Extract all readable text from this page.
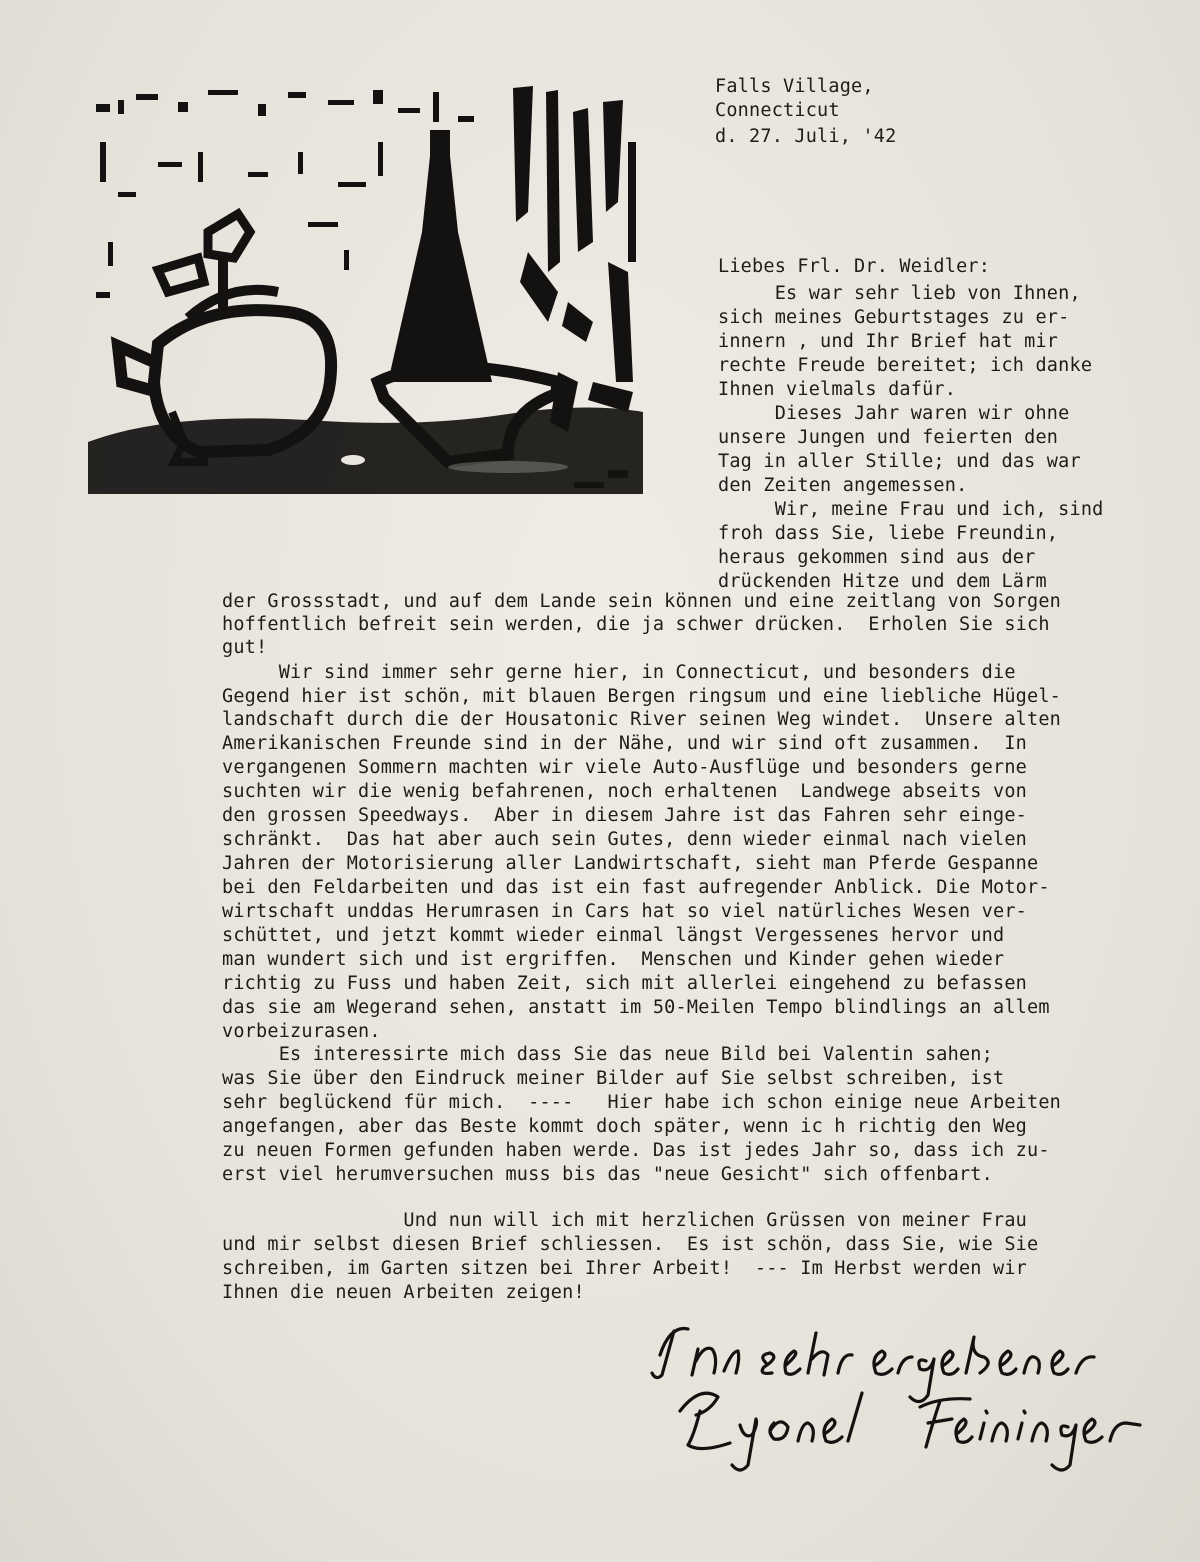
Falls Village,
Connecticut
d. 27. Juli, '42
Liebes Frl. Dr. Weidler:
Es war sehr lieb von Ihnen,
sich meines Geburtstages zu er-
innern , und Ihr Brief hat mir
rechte Freude bereitet; ich danke
Ihnen vielmals dafür.
Dieses Jahr waren wir ohne
unsere Jungen und feierten den
Tag in aller Stille; und das war
den Zeiten angemessen.
Wir, meine Frau und ich, sind
froh dass Sie, liebe Freundin,
heraus gekommen sind aus der
drückenden Hitze und dem Lärm
der Grossstadt, und auf dem Lande sein können und eine zeitlang von Sorgen
hoffentlich befreit sein werden, die ja schwer drücken.  Erholen Sie sich
gut!
Wir sind immer sehr gerne hier, in Connecticut, und besonders die
Gegend hier ist schön, mit blauen Bergen ringsum und eine liebliche Hügel-
landschaft durch die der Housatonic River seinen Weg windet.  Unsere alten
Amerikanischen Freunde sind in der Nähe, und wir sind oft zusammen.  In
vergangenen Sommern machten wir viele Auto-Ausflüge und besonders gerne
suchten wir die wenig befahrenen, noch erhaltenen  Landwege abseits von
den grossen Speedways.  Aber in diesem Jahre ist das Fahren sehr einge-
schränkt.  Das hat aber auch sein Gutes, denn wieder einmal nach vielen
Jahren der Motorisierung aller Landwirtschaft, sieht man Pferde Gespanne
bei den Feldarbeiten und das ist ein fast aufregender Anblick. Die Motor-
wirtschaft unddas Herumrasen in Cars hat so viel natürliches Wesen ver-
schüttet, und jetzt kommt wieder einmal längst Vergessenes hervor und
man wundert sich und ist ergriffen.  Menschen und Kinder gehen wieder
richtig zu Fuss und haben Zeit, sich mit allerlei eingehend zu befassen
das sie am Wegerand sehen, anstatt im 50-Meilen Tempo blindlings an allem
vorbeizurasen.
Es interessirte mich dass Sie das neue Bild bei Valentin sahen;
was Sie über den Eindruck meiner Bilder auf Sie selbst schreiben, ist
sehr beglückend für mich.  ----   Hier habe ich schon einige neue Arbeiten
angefangen, aber das Beste kommt doch später, wenn ic h richtig den Weg
zu neuen Formen gefunden haben werde. Das ist jedes Jahr so, dass ich zu-
erst viel herumversuchen muss bis das "neue Gesicht" sich offenbart.
Und nun will ich mit herzlichen Grüssen von meiner Frau
und mir selbst diesen Brief schliessen.  Es ist schön, dass Sie, wie Sie
schreiben, im Garten sitzen bei Ihrer Arbeit!  --- Im Herbst werden wir
Ihnen die neuen Arbeiten zeigen!
